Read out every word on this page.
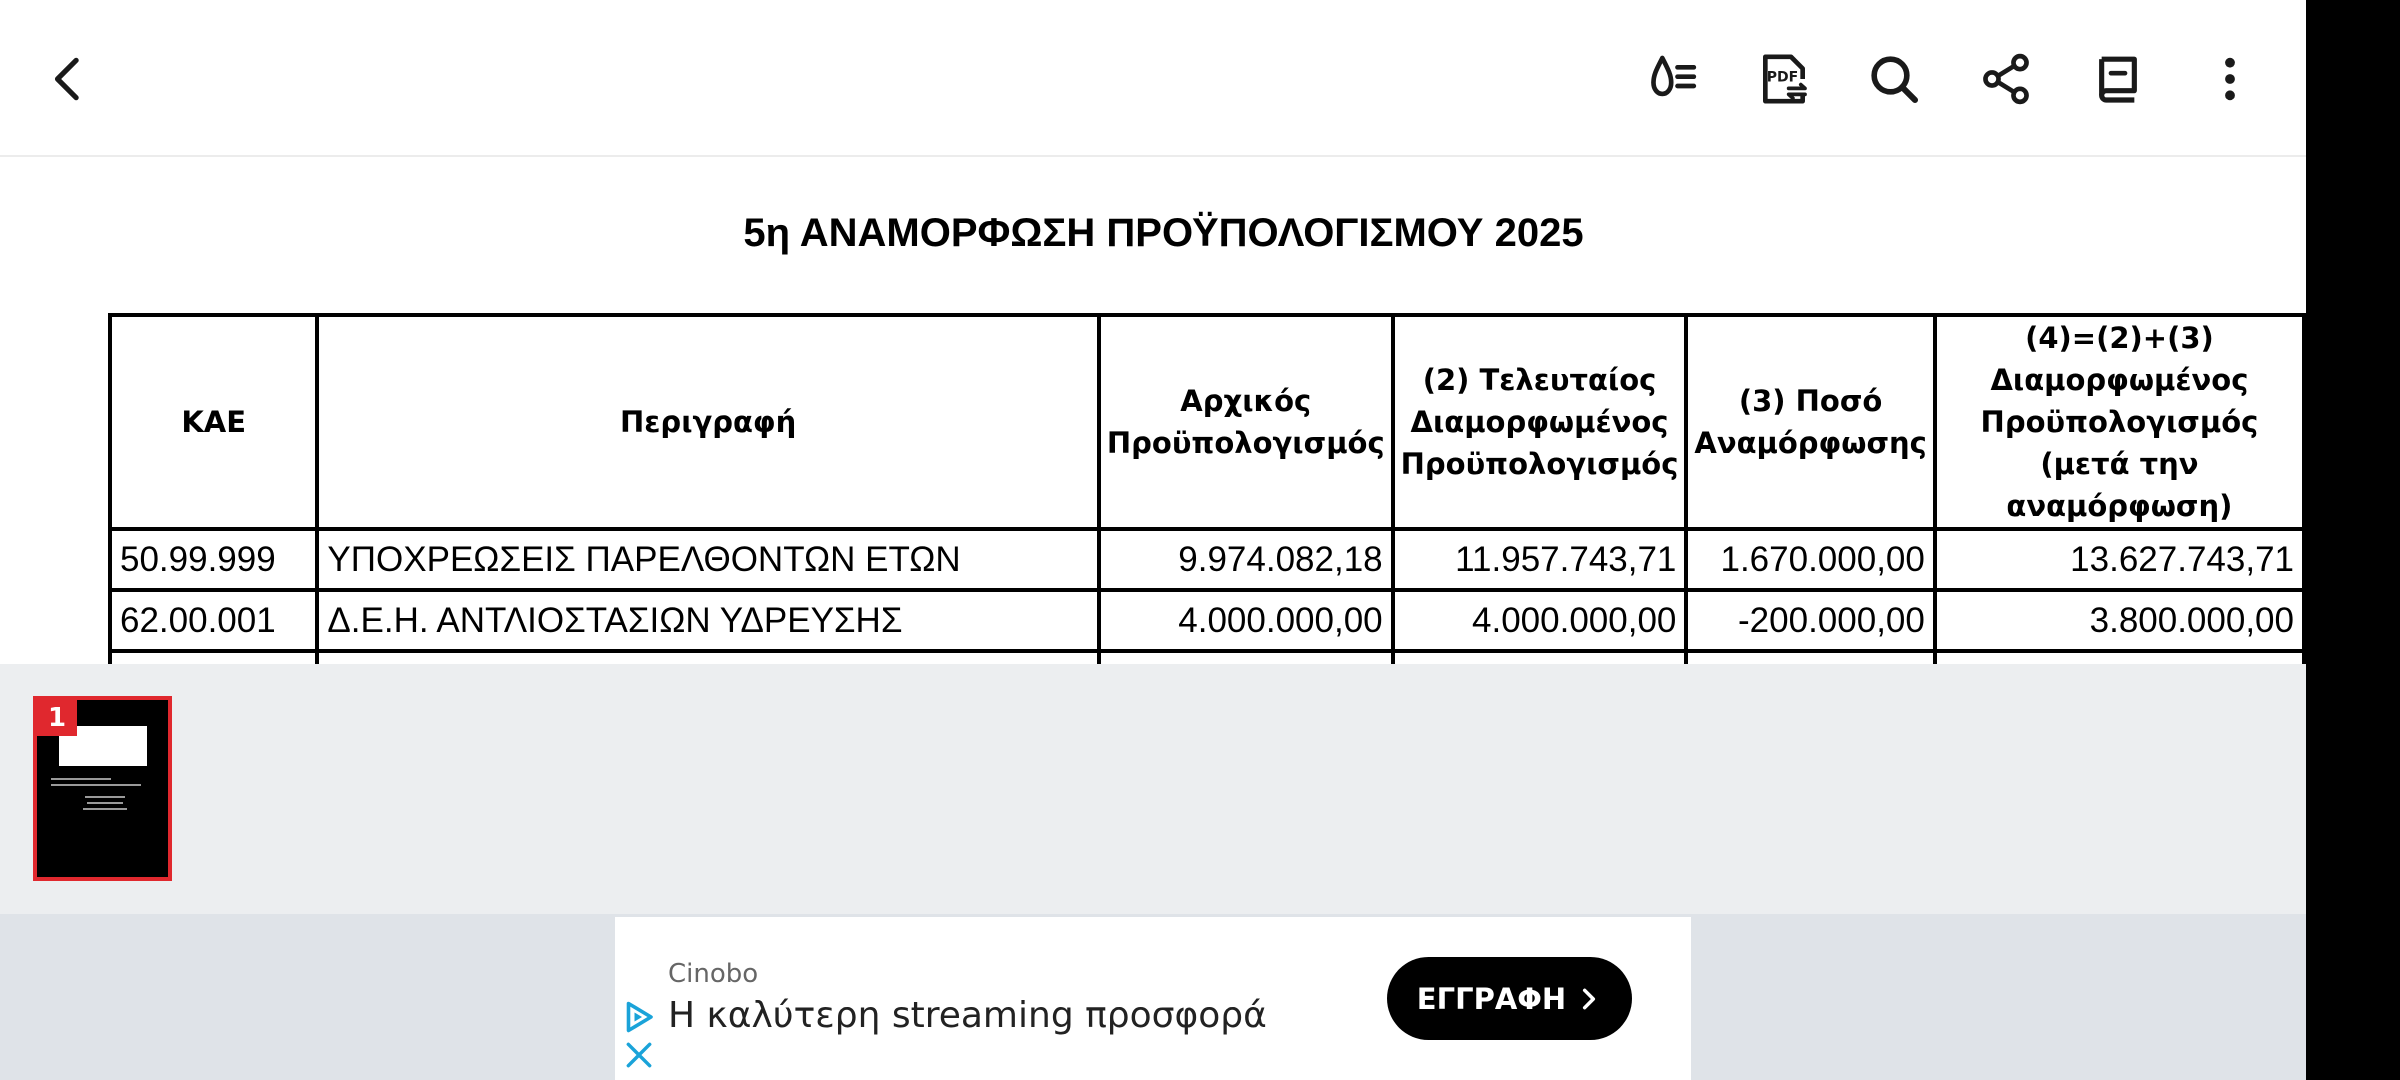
PDF
5η ΑΝΑΜΟΡΦΩΣΗ ΠΡΟΫΠΟΛΟΓΙΣΜΟΥ 2025
ΚΑΕ	Περιγραφή	Αρχικός Προϋπολογισμός	(2) Τελευταίος Διαμορφωμένος Προϋπολογισμός	(3) Ποσό Αναμόρφωσης	(4)=(2)+(3) Διαμορφωμένος Προϋπολογισμός (μετά την αναμόρφωση)
50.99.999	ΥΠΟΧΡΕΩΣΕΙΣ ΠΑΡΕΛΘΟΝΤΩΝ ΕΤΩΝ	9.974.082,18	11.957.743,71	1.670.000,00	13.627.743,71
62.00.001	Δ.Ε.Η. ΑΝΤΛΙΟΣΤΑΣΙΩΝ ΥΔΡΕΥΣΗΣ	4.000.000,00	4.000.000,00	-200.000,00	3.800.000,00

1
Cinobo
Η καλύτερη streaming προσφορά	ΕΓΓΡΑΦΗ
